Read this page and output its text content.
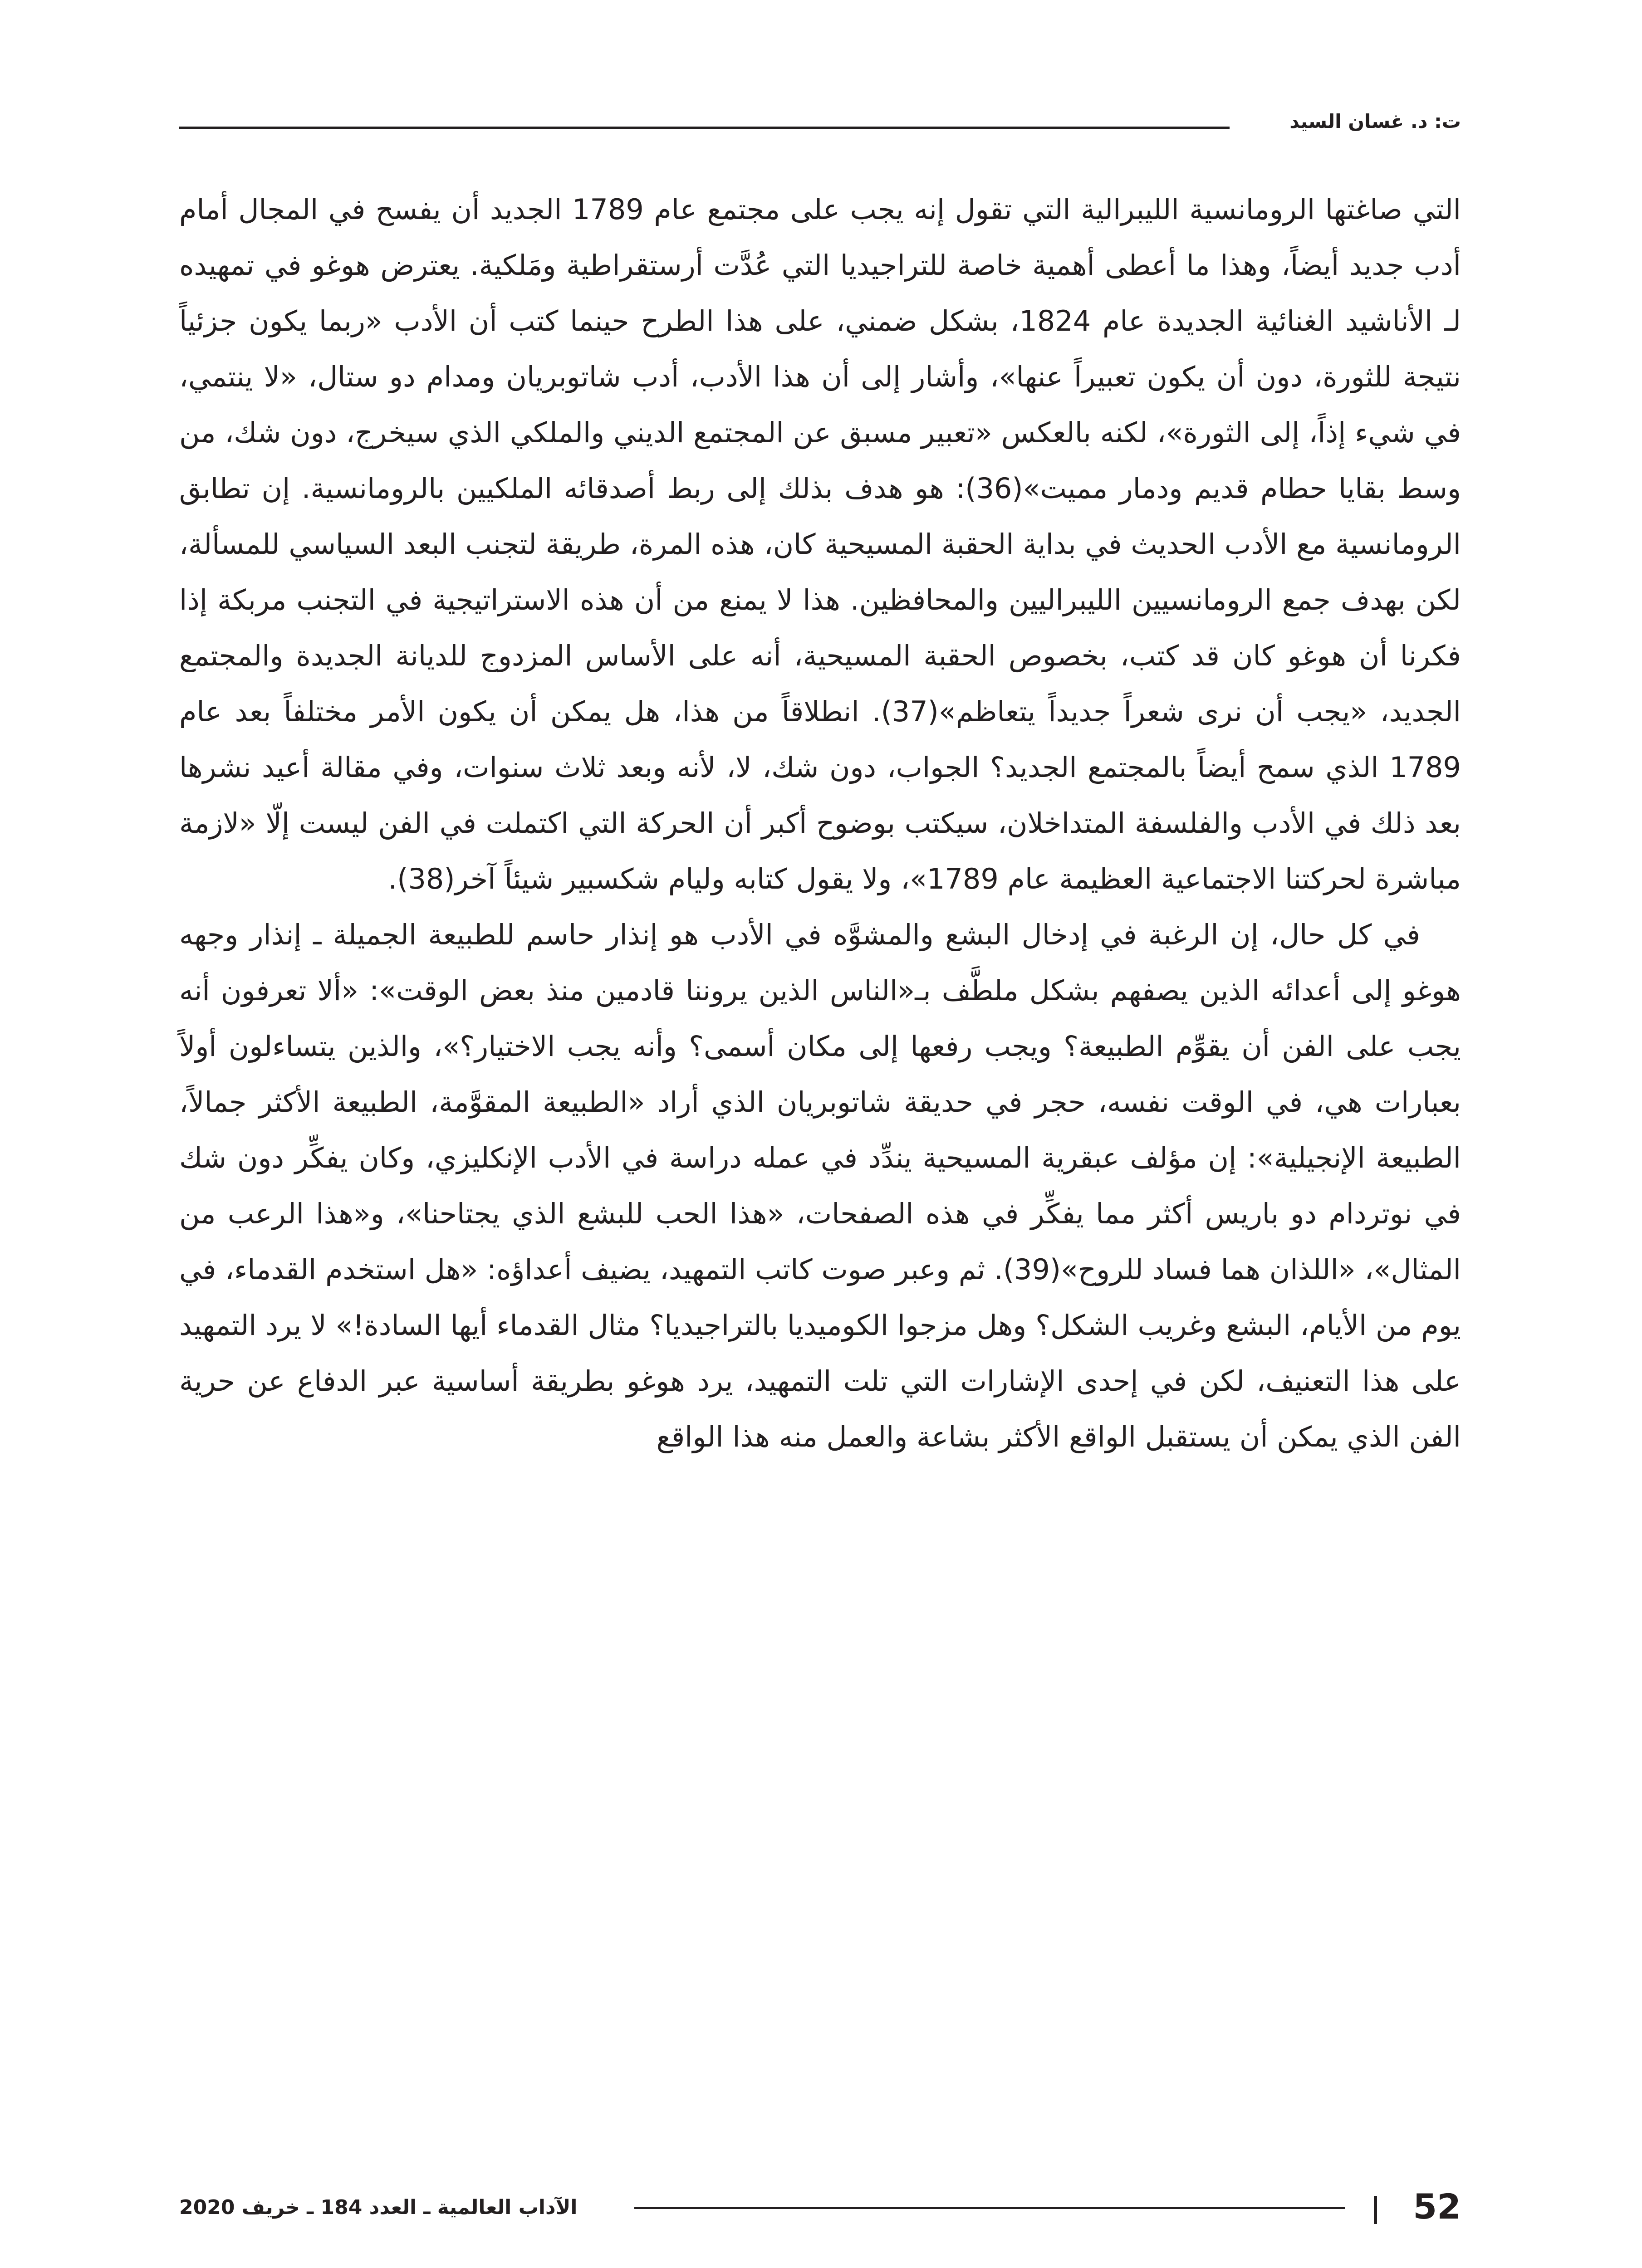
ت: د. غسان السيد

التي صاغتها الرومانسية الليبرالية التي تقول إنه يجب على مجتمع عام 1789 الجديد أن يفسح في المجال أمام أدب جديد أيضاً، وهذا ما أعطى أهمية خاصة للتراجيديا التي عُدَّت أرستقراطية ومَلكية. يعترض هوغو في تمهيده لـ الأناشيد الغنائية الجديدة عام 1824، بشكل ضمني، على هذا الطرح حينما كتب أن الأدب «ربما يكون جزئياً نتيجة للثورة، دون أن يكون تعبيراً عنها»، وأشار إلى أن هذا الأدب، أدب شاتوبريان ومدام دو ستال، «لا ينتمي، في شيء إذاً، إلى الثورة»، لكنه بالعكس «تعبير مسبق عن المجتمع الديني والملكي الذي سيخرج، دون شك، من وسط بقايا حطام قديم ودمار مميت»(36): هو هدف بذلك إلى ربط أصدقائه الملكيين بالرومانسية. إن تطابق الرومانسية مع الأدب الحديث في بداية الحقبة المسيحية كان، هذه المرة، طريقة لتجنب البعد السياسي للمسألة، لكن بهدف جمع الرومانسيين الليبراليين والمحافظين. هذا لا يمنع من أن هذه الاستراتيجية في التجنب مربكة إذا فكرنا أن هوغو كان قد كتب، بخصوص الحقبة المسيحية، أنه على الأساس المزدوج للديانة الجديدة والمجتمع الجديد، «يجب أن نرى شعراً جديداً يتعاظم»(37). انطلاقاً من هذا، هل يمكن أن يكون الأمر مختلفاً بعد عام 1789 الذي سمح أيضاً بالمجتمع الجديد؟ الجواب، دون شك، لا، لأنه وبعد ثلاث سنوات، وفي مقالة أعيد نشرها بعد ذلك في الأدب والفلسفة المتداخلان، سيكتب بوضوح أكبر أن الحركة التي اكتملت في الفن ليست إلّا «لازمة مباشرة لحركتنا الاجتماعية العظيمة عام 1789»، ولا يقول كتابه وليام شكسبير شيئاً آخر(38).

في كل حال، إن الرغبة في إدخال البشع والمشوَّه في الأدب هو إنذار حاسم للطبيعة الجميلة ـ إنذار وجهه هوغو إلى أعدائه الذين يصفهم بشكل ملطَّف بـ«الناس الذين يروننا قادمين منذ بعض الوقت»: «ألا تعرفون أنه يجب على الفن أن يقوِّم الطبيعة؟ ويجب رفعها إلى مكان أسمى؟ وأنه يجب الاختيار؟»، والذين يتساءلون أولاً بعبارات هي، في الوقت نفسه، حجر في حديقة شاتوبريان الذي أراد «الطبيعة المقوَّمة، الطبيعة الأكثر جمالاً، الطبيعة الإنجيلية»: إن مؤلف عبقرية المسيحية يندِّد في عمله دراسة في الأدب الإنكليزي، وكان يفكِّر دون شك في نوتردام دو باريس أكثر مما يفكِّر في هذه الصفحات، «هذا الحب للبشع الذي يجتاحنا»، و«هذا الرعب من المثال»، «اللذان هما فساد للروح»(39). ثم وعبر صوت كاتب التمهيد، يضيف أعداؤه: «هل استخدم القدماء، في يوم من الأيام، البشع وغريب الشكل؟ وهل مزجوا الكوميديا بالتراجيديا؟ مثال القدماء أيها السادة!» لا يرد التمهيد على هذا التعنيف، لكن في إحدى الإشارات التي تلت التمهيد، يرد هوغو بطريقة أساسية عبر الدفاع عن حرية الفن الذي يمكن أن يستقبل الواقع الأكثر بشاعة والعمل منه هذا الواقع

52
الآداب العالمية ـ العدد 184 ـ خريف 2020
